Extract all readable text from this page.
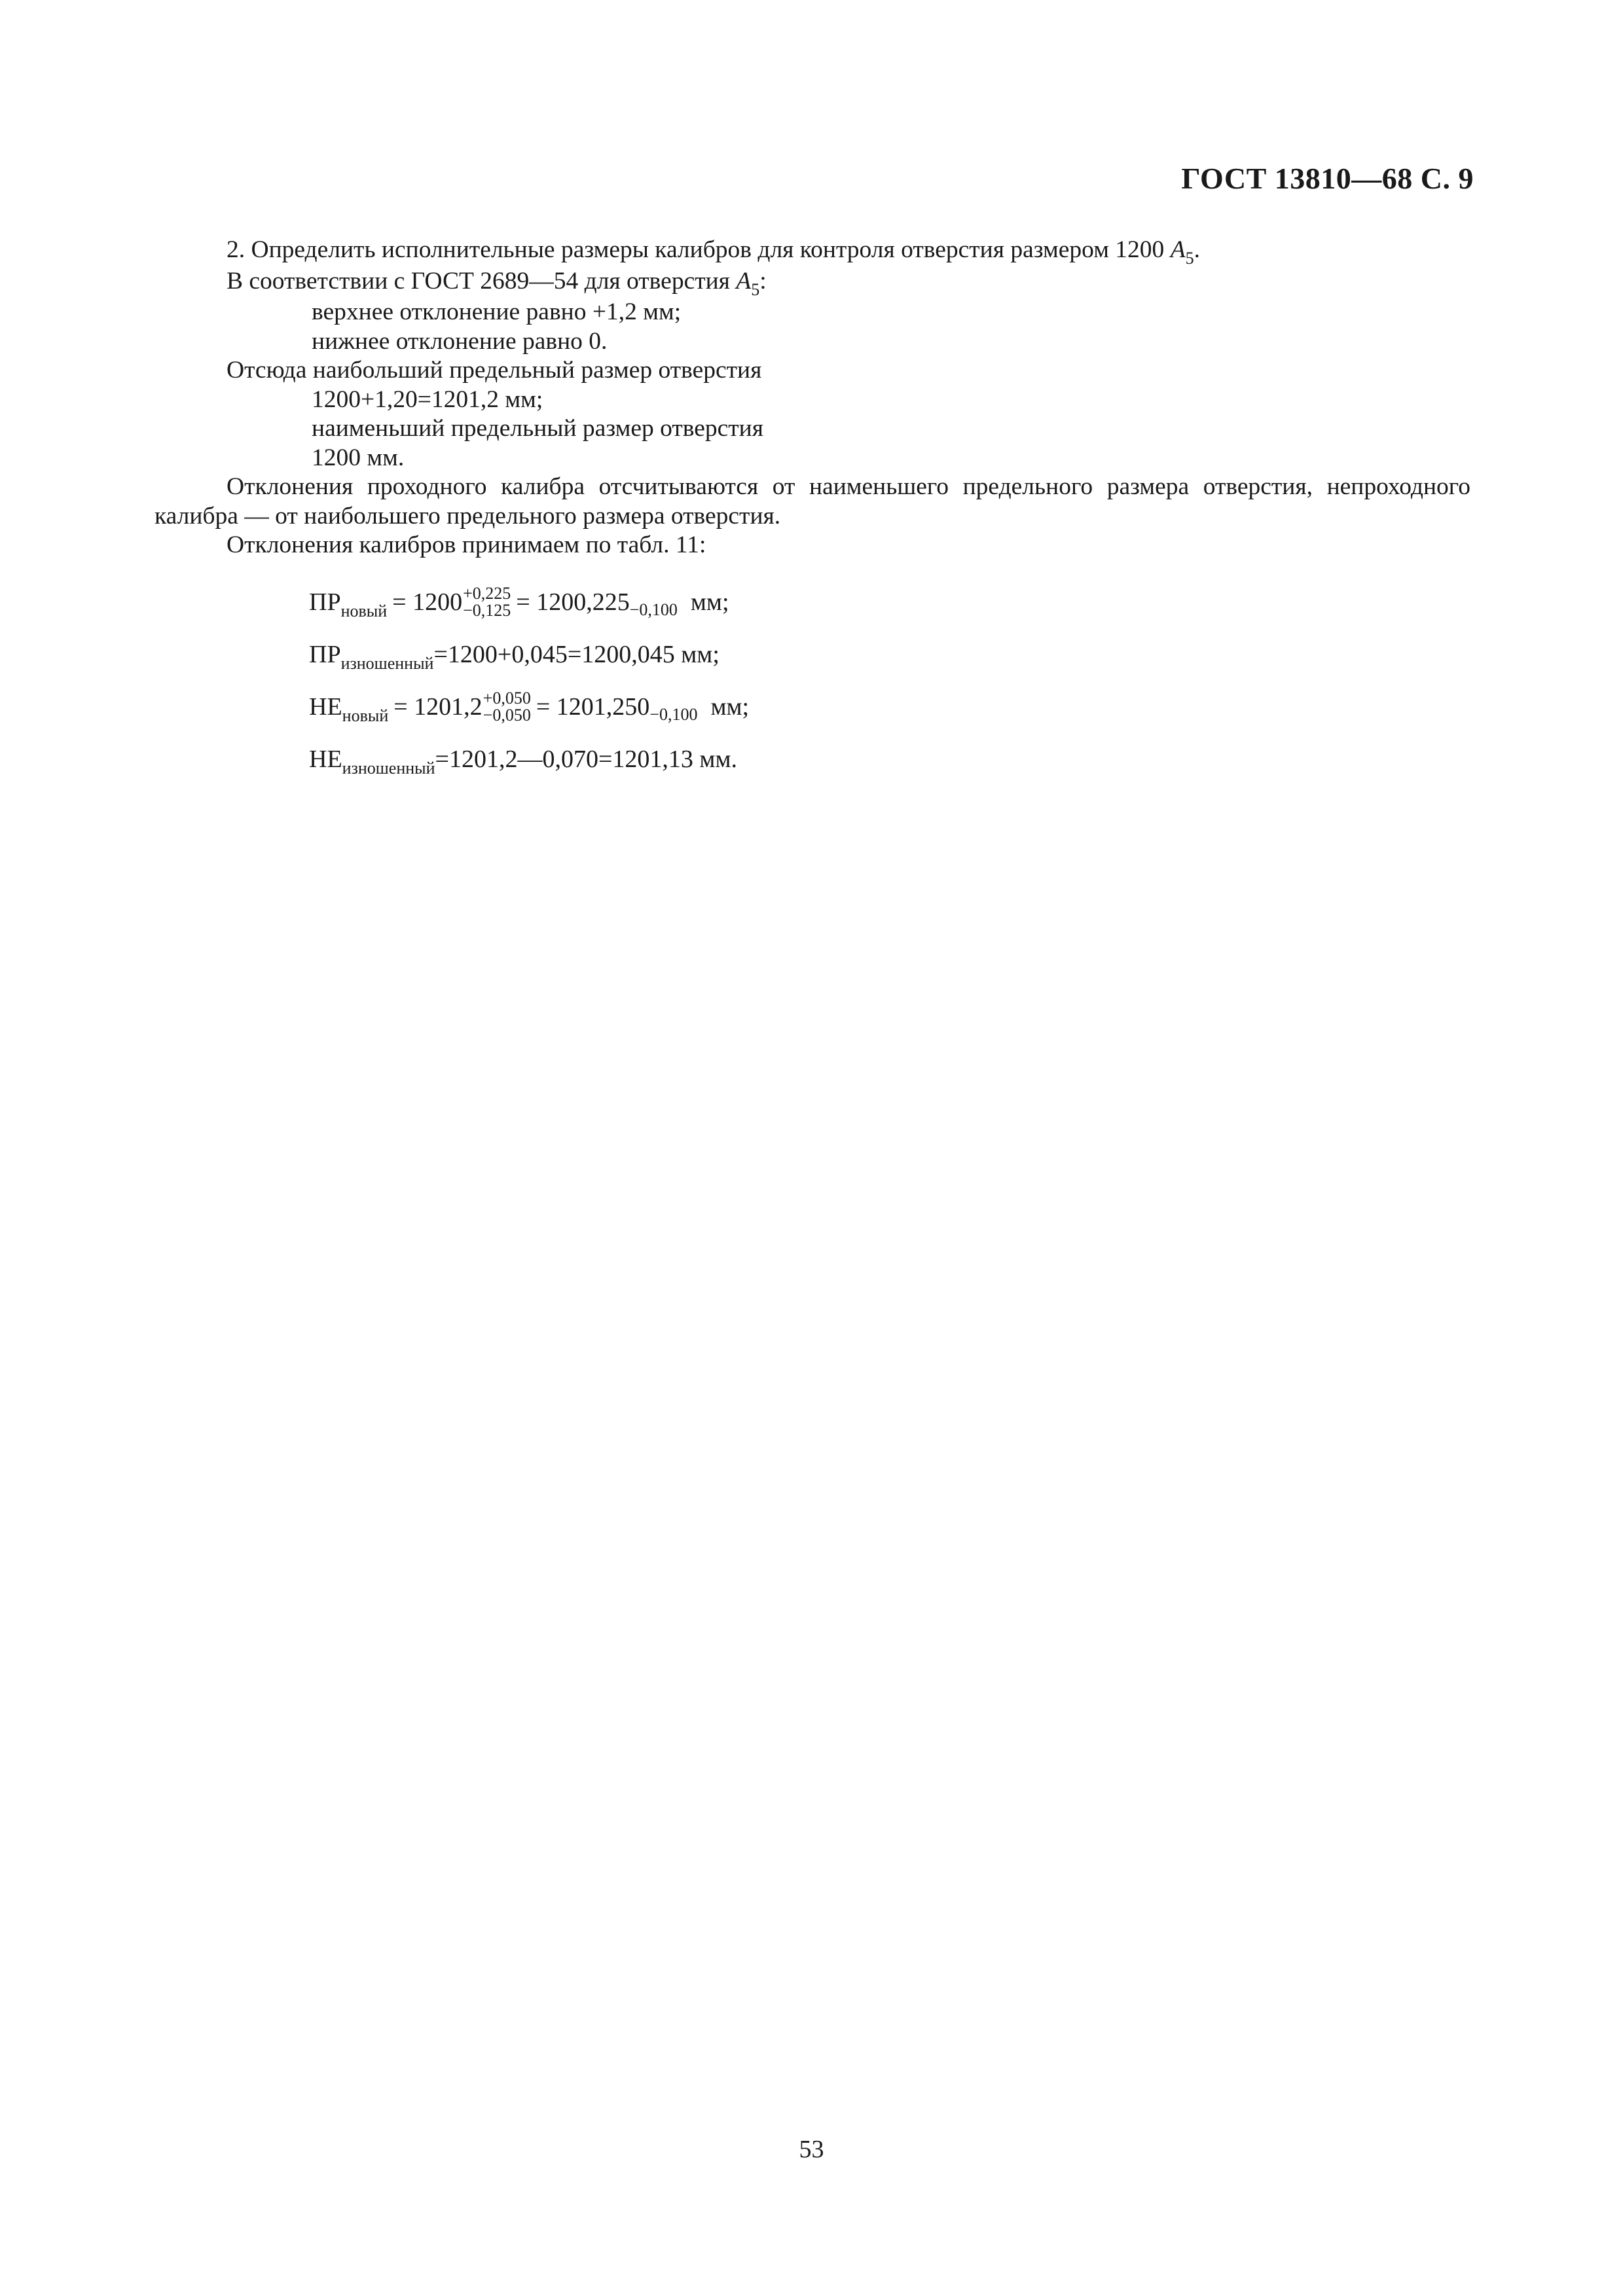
ГОСТ 13810—68 С. 9
2. Определить исполнительные размеры калибров для контроля отверстия размером 1200 $A_5$.
В соответствии с ГОСТ 2689—54 для отверстия $A_5$:
верхнее отклонение равно +1,2 мм;
нижнее отклонение равно 0.
Отсюда наибольший предельный размер отверстия
1200+1,20=1201,2 мм;
наименьший предельный размер отверстия
1200 мм.
Отклонения проходного калибра отсчитываются от наименьшего предельного размера отверстия, непроходного калибра — от наибольшего предельного размера отверстия.
Отклонения калибров принимаем по табл. 11:
ПР новый = 1200 +0,225
−0,125 = 1200,225 −0,100 мм;
ПР изношенный =1200+0,045=1200,045 мм;
НЕ новый = 1201,2 +0,050
−0,050 = 1201,250 −0,100 мм;
НЕ изношенный =1201,2—0,070=1201,13 мм.
53
